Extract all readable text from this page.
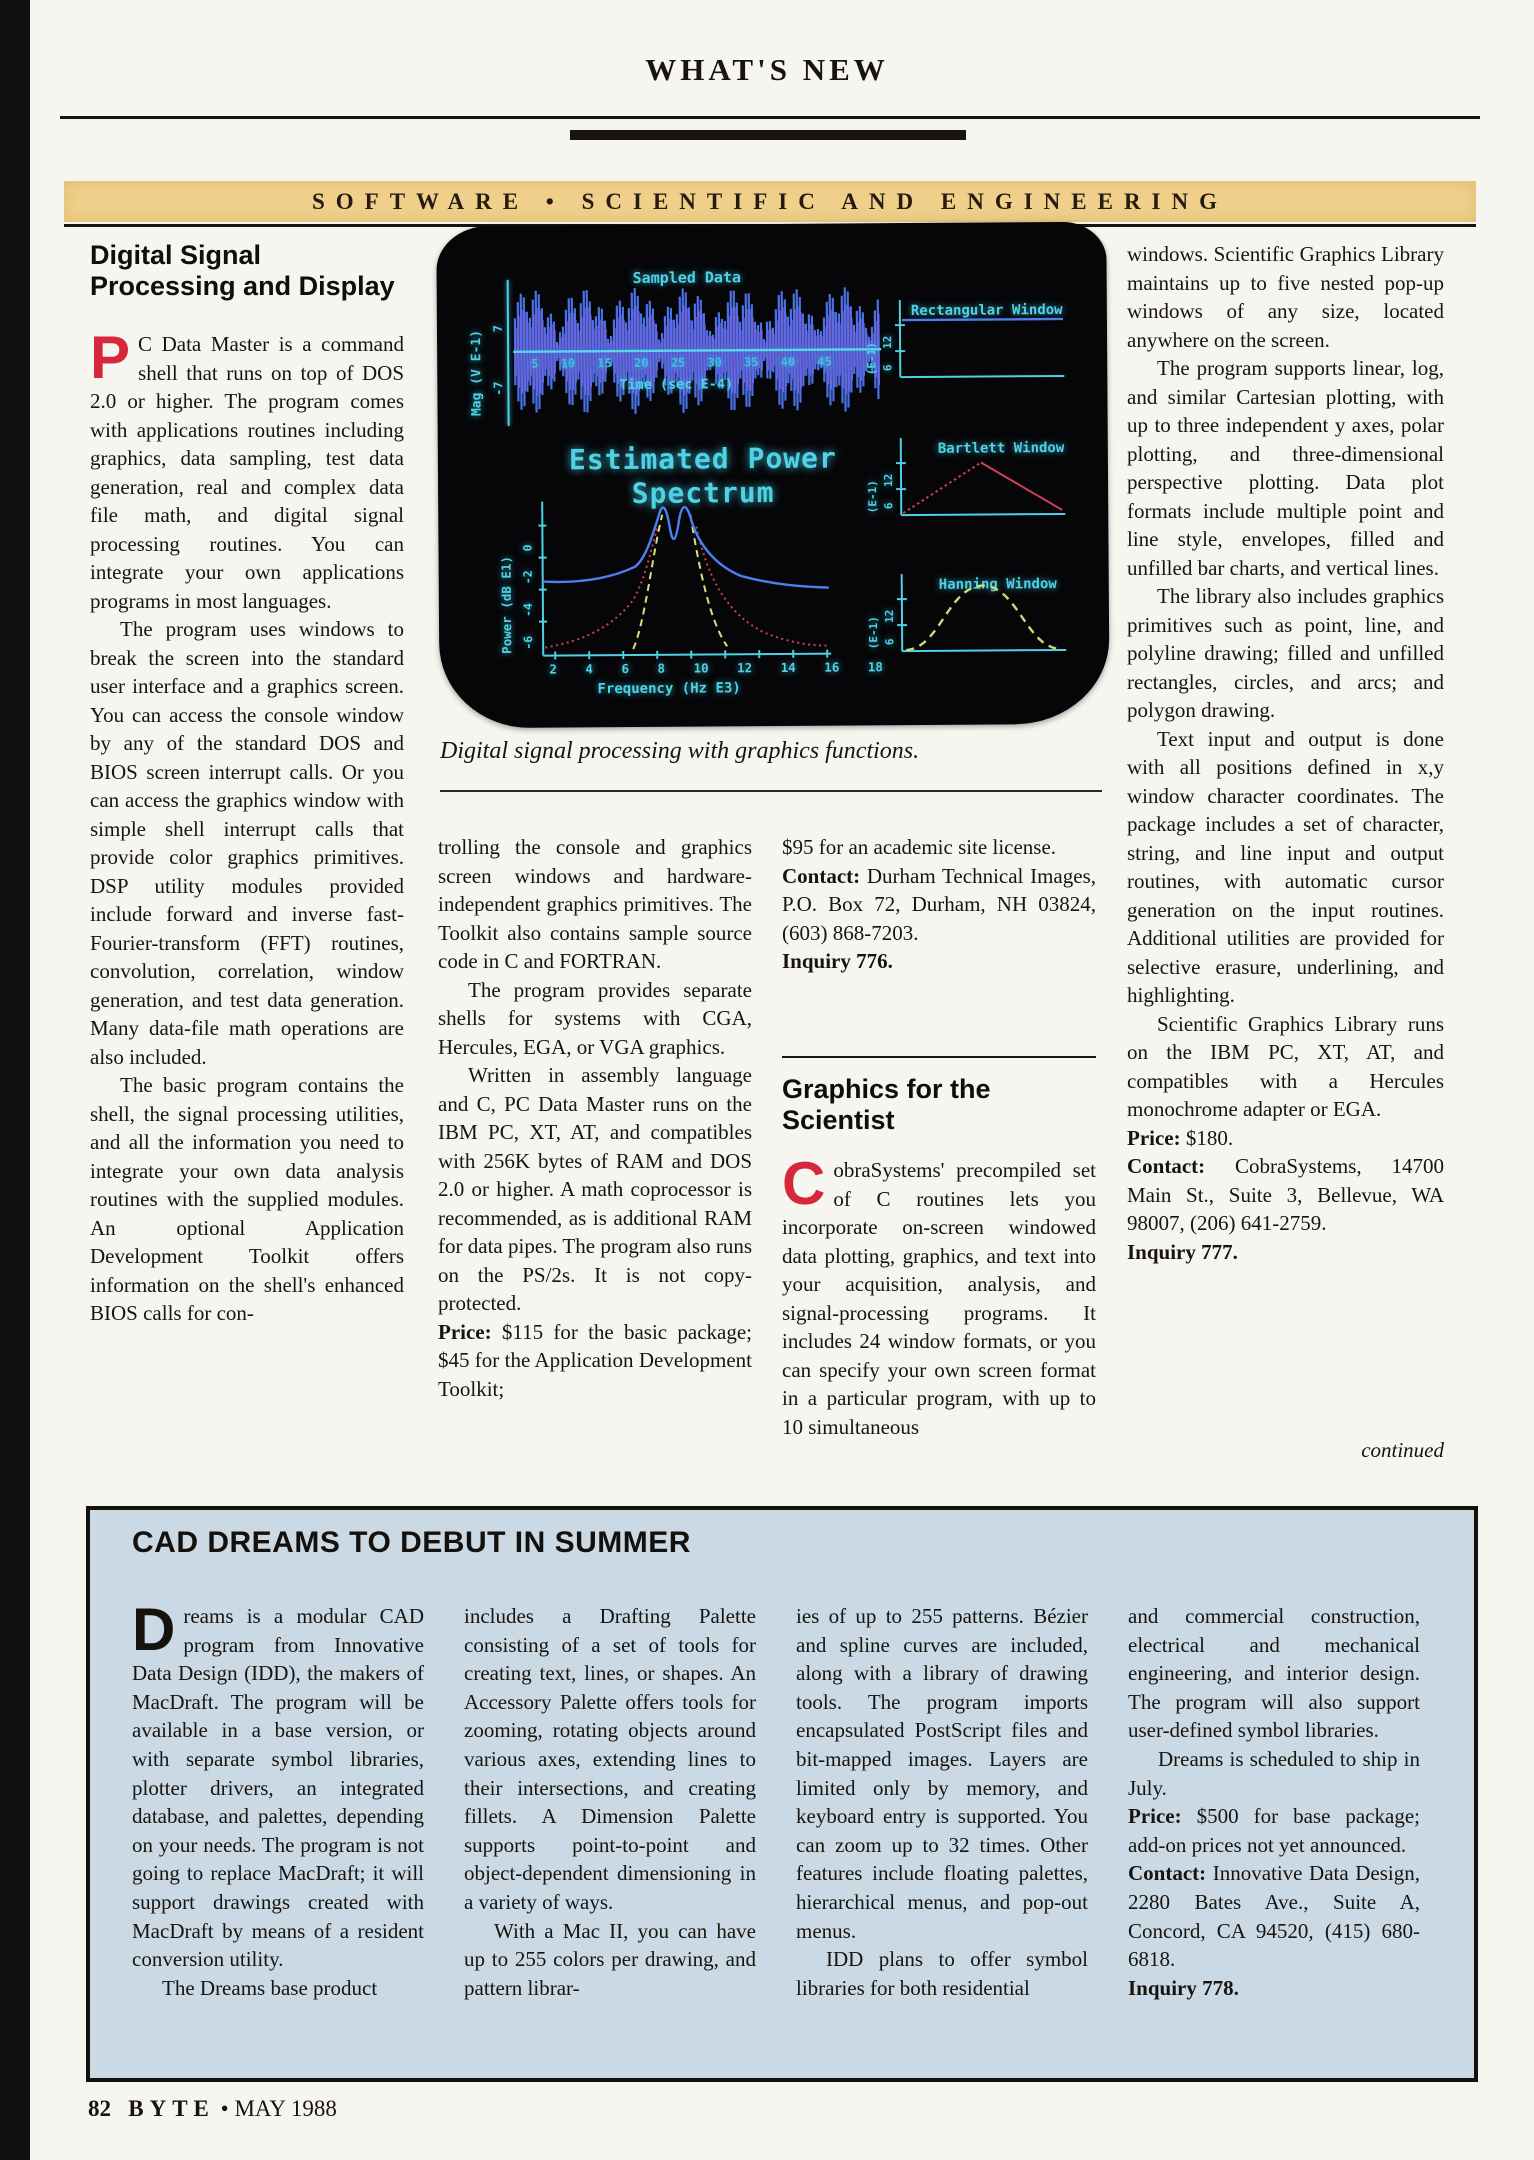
WHAT'S NEW
SOFTWARE • SCIENTIFIC AND ENGINEERING
Digital Signal
Processing and Display

P C Data Master is a command shell that runs on top of DOS 2.0 or higher. The program comes with applications routines including graphics, data sampling, test data generation, real and complex data file math, and digital signal processing routines. You can integrate your own applications programs in most languages.

The program uses windows to break the screen into the standard user interface and a graphics screen. You can access the console window by any of the standard DOS and BIOS screen interrupt calls. Or you can access the graphics window with simple shell interrupt calls that provide color graphics primitives. DSP utility modules provided include forward and inverse fast-Fourier-transform (FFT) routines, convolution, correlation, window generation, and test data generation. Many data-file math operations are also included.

The basic program contains the shell, the signal processing utilities, and all the information you need to integrate your own data analysis routines with the supplied modules. An optional Application Development Toolkit offers information on the shell's enhanced BIOS calls for con-

Sampled Data
Mag (V E-1) -7 7 5 10 15 20 25 30 35 40 45
Time (sec E-4)
Estimated Power
Spectrum
Power (dB E1) -6 -4 -2 0
2 4 6 8 10 12 14 16 18
Frequency (Hz E3)
(E-1) 6 12
Rectangular Window
(E-1) 6 12
Bartlett Window
(E-1) 6 12
Hanning Window
Digital signal processing with graphics functions.

trolling the console and graphics screen windows and hardware-independent graphics primitives. The Toolkit also contains sample source code in C and FORTRAN.

The program provides separate shells for systems with CGA, Hercules, EGA, or VGA graphics.

Written in assembly language and C, PC Data Master runs on the IBM PC, XT, AT, and compatibles with 256K bytes of RAM and DOS 2.0 or higher. A math coprocessor is recommended, as is additional RAM for data pipes. The program also runs on the PS/2s. It is not copy-protected.

Price: $115 for the basic package; $45 for the Application Development Toolkit;

$95 for an academic site license.

Contact: Durham Technical Images, P.O. Box 72, Durham, NH 03824, (603) 868-7203.

Inquiry 776.

Graphics for the
Scientist

CobraSystems' precompiled set of C routines lets you incorporate on-screen windowed data plotting, graphics, and text into your acquisition, analysis, and signal-processing programs. It includes 24 window formats, or you can specify your own screen format in a particular program, with up to 10 simultaneous

windows. Scientific Graphics Library maintains up to five nested pop-up windows of any size, located anywhere on the screen.

The program supports linear, log, and similar Cartesian plotting, with up to three independent y axes, polar plotting, and three-dimensional perspective plotting. Data plot formats include multiple point and line style, envelopes, filled and unfilled bar charts, and vertical lines.

The library also includes graphics primitives such as point, line, and polyline drawing; filled and unfilled rectangles, circles, and arcs; and polygon drawing.

Text input and output is done with all positions defined in x,y window character coordinates. The package includes a set of character, string, and line input and output routines, with automatic cursor generation on the input routines. Additional utilities are provided for selective erasure, underlining, and highlighting.

Scientific Graphics Library runs on the IBM PC, XT, AT, and compatibles with a Hercules monochrome adapter or EGA.

Price: $180.

Contact: CobraSystems, 14700 Main St., Suite 3, Bellevue, WA 98007, (206) 641-2759.

Inquiry 777.

continued
CAD DREAMS TO DEBUT IN SUMMER

Dreams is a modular CAD program from Innovative Data Design (IDD), the makers of MacDraft. The program will be available in a base version, or with separate symbol libraries, plotter drivers, an integrated database, and palettes, depending on your needs. The program is not going to replace MacDraft; it will support drawings created with MacDraft by means of a resident conversion utility.

The Dreams base product

includes a Drafting Palette consisting of a set of tools for creating text, lines, or shapes. An Accessory Palette offers tools for zooming, rotating objects around various axes, extending lines to their intersections, and creating fillets. A Dimension Palette supports point-to-point and object-dependent dimensioning in a variety of ways.

With a Mac II, you can have up to 255 colors per drawing, and pattern librar-

ies of up to 255 patterns. Bézier and spline curves are included, along with a library of drawing tools. The program imports encapsulated PostScript files and bit-mapped images. Layers are limited only by memory, and keyboard entry is supported. You can zoom up to 32 times. Other features include floating palettes, hierarchical menus, and pop-out menus.

IDD plans to offer symbol libraries for both residential

and commercial construction, electrical and mechanical engineering, and interior design. The program will also support user-defined symbol libraries.

Dreams is scheduled to ship in July.

Price: $500 for base package; add-on prices not yet announced.

Contact: Innovative Data Design, 2280 Bates Ave., Suite A, Concord, CA 94520, (415) 680-6818.

Inquiry 778.

82 BYTE • MAY 1988
